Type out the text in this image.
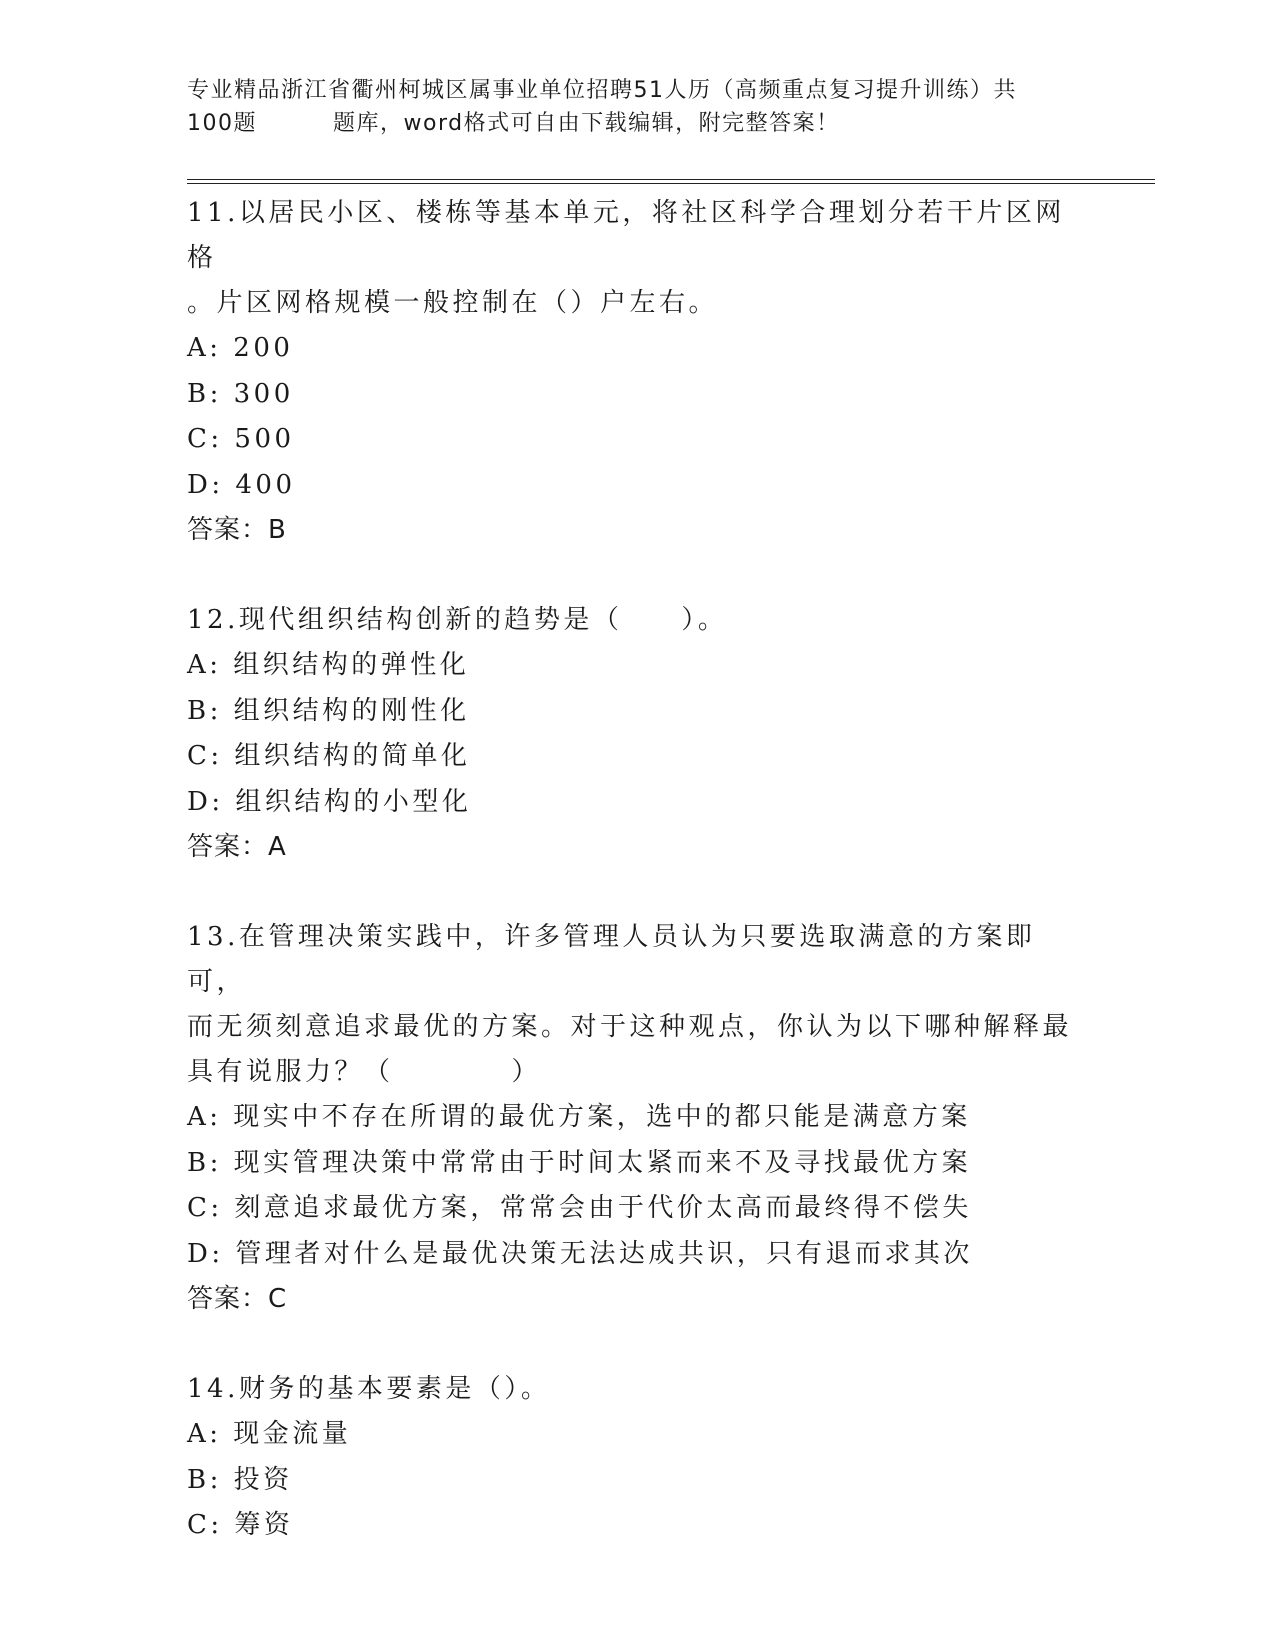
专业精品浙江省衢州柯城区属事业单位招聘51人历（高频重点复习提升训练）共
100题	题库，word格式可自由下载编辑，附完整答案！
11.以居民小区、楼栋等基本单元，将社区科学合理划分若干片区网格
。片区网格规模一般控制在（）户左右。
A: 200
B: 300
C: 500
D: 400
答案：B
12.现代组织结构创新的趋势是（　　）。
A: 组织结构的弹性化
B: 组织结构的刚性化
C: 组织结构的简单化
D: 组织结构的小型化
答案：A
13.在管理决策实践中，许多管理人员认为只要选取满意的方案即可，
而无须刻意追求最优的方案。对于这种观点，你认为以下哪种解释最
具有说服力？（　　　　）
A: 现实中不存在所谓的最优方案，选中的都只能是满意方案
B: 现实管理决策中常常由于时间太紧而来不及寻找最优方案
C: 刻意追求最优方案，常常会由于代价太高而最终得不偿失
D: 管理者对什么是最优决策无法达成共识，只有退而求其次
答案：C
14.财务的基本要素是（）。
A: 现金流量
B: 投资
C: 筹资
